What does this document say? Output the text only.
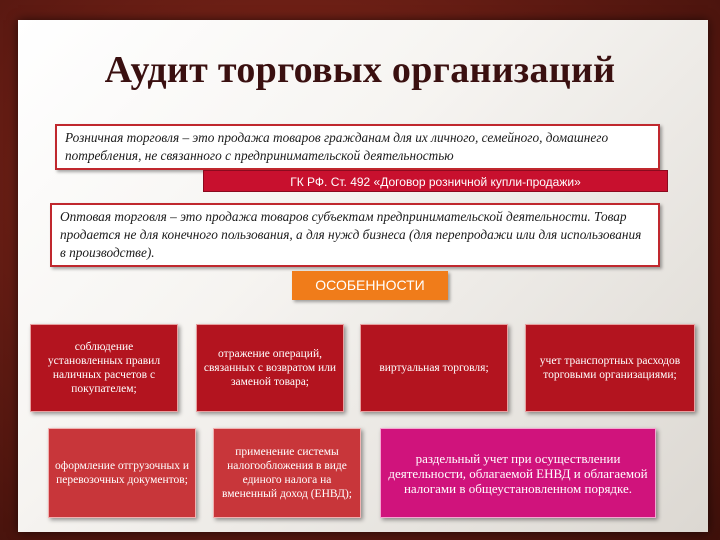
Аудит торговых организаций
Розничная торговля – это продажа товаров гражданам для их личного, семейного, домашнего потребления, не связанного с предпринимательской деятельностью
ГК РФ. Ст. 492 «Договор розничной купли-продажи»
Оптовая торговля – это продажа товаров субъектам предпринимательской деятельности. Товар продается не для конечного пользования, а для нужд бизнеса (для перепродажи или для использования в производстве).
ОСОБЕННОСТИ
соблюдение установленных правил наличных расчетов с покупателем;
отражение операций, связанных с возвратом или заменой товара;
виртуальная торговля;
учет транспортных расходов торговыми организациями;
оформление отгрузочных и перевозочных документов;
применение системы налогообложения в виде единого налога на вмененный доход (ЕНВД);
раздельный учет при осуществлении деятельности, облагаемой ЕНВД и облагаемой налогами в общеустановленном порядке.
